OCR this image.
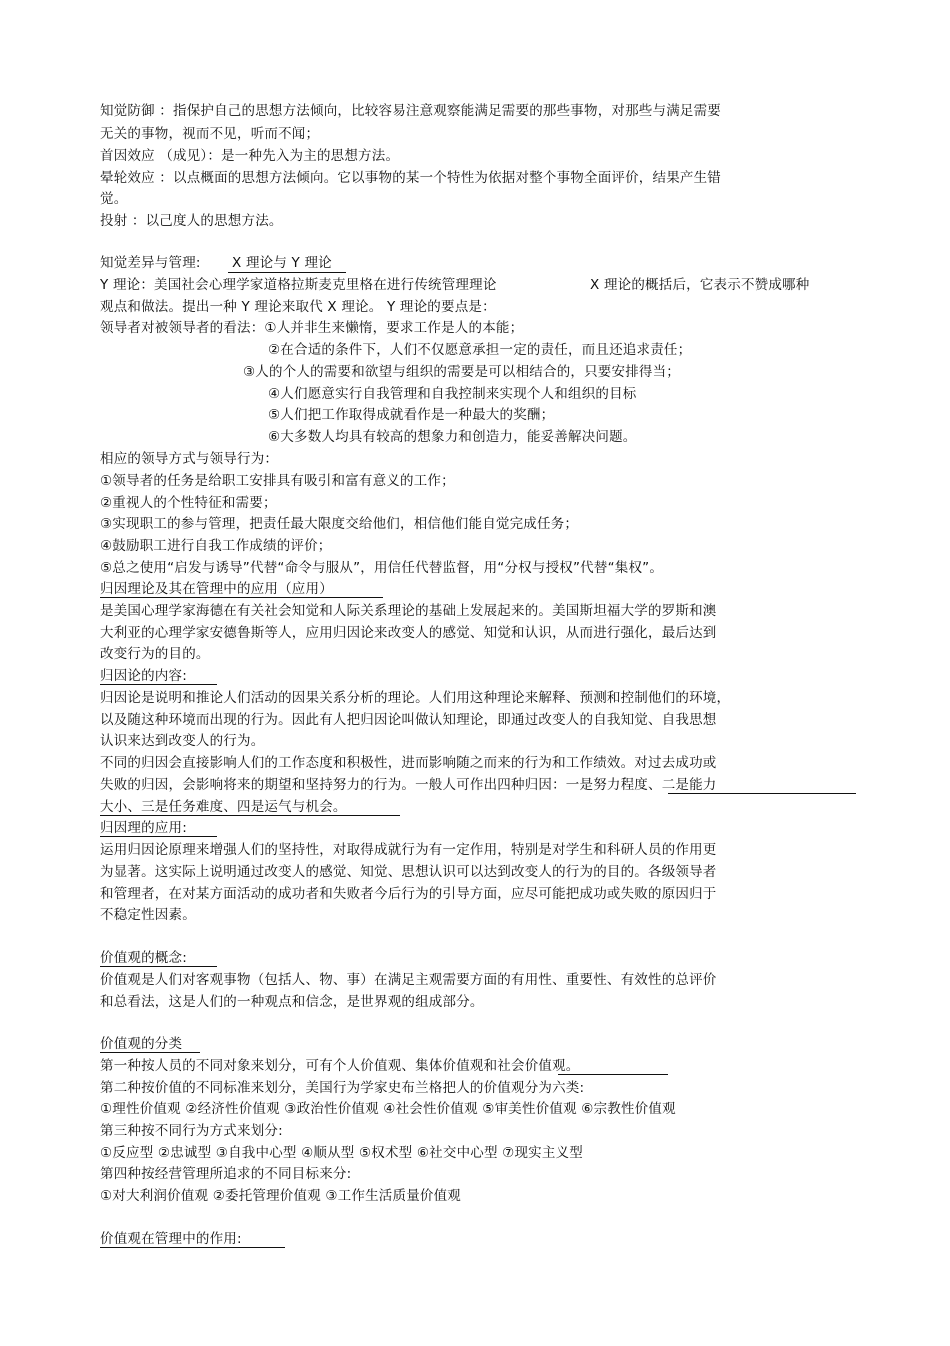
知觉防御 ：指保护自己的思想方法倾向，比较容易注意观察能满足需要的那些事物，对那些与满足需要
无关的事物，视而不见，听而不闻；
首因效应 （成见）：是一种先入为主的思想方法。
晕轮效应 ：以点概面的思想方法倾向。它以事物的某一个特性为依据对整个事物全面评价，结果产生错
觉。
投射 ：以己度人的思想方法。
知觉差异与管理: X 理论与 Y 理论
Y 理论：美国社会心理学家道格拉斯麦克里格在进行传统管理理论	X 理论的概括后，它表示不赞成哪种
观点和做法。提出一种 Y 理论来取代 X 理论。 Y 理论的要点是：
领导者对被领导者的看法：①人并非生来懒惰，要求工作是人的本能；
②在合适的条件下，人们不仅愿意承担一定的责任，而且还追求责任；
③人的个人的需要和欲望与组织的需要是可以相结合的，只要安排得当；
④人们愿意实行自我管理和自我控制来实现个人和组织的目标
⑤人们把工作取得成就看作是一种最大的奖酬；
⑥大多数人均具有较高的想象力和创造力，能妥善解决问题。
相应的领导方式与领导行为：
①领导者的任务是给职工安排具有吸引和富有意义的工作；
②重视人的个性特征和需要；
③实现职工的参与管理，把责任最大限度交给他们，相信他们能自觉完成任务；
④鼓励职工进行自我工作成绩的评价；
⑤总之使用“启发与诱导”代替“命令与服从”，用信任代替监督，用“分权与授权”代替“集权”。
归因理论及其在管理中的应用（应用）
是美国心理学家海德在有关社会知觉和人际关系理论的基础上发展起来的。美国斯坦福大学的罗斯和澳
大利亚的心理学家安德鲁斯等人，应用归因论来改变人的感觉、知觉和认识，从而进行强化，最后达到
改变行为的目的。
归因论的内容:
归因论是说明和推论人们活动的因果关系分析的理论。人们用这种理论来解释、预测和控制他们的环境，
以及随这种环境而出现的行为。因此有人把归因论叫做认知理论，即通过改变人的自我知觉、自我思想
认识来达到改变人的行为。
不同的归因会直接影响人们的工作态度和积极性，进而影响随之而来的行为和工作绩效。对过去成功或
失败的归因，会影响将来的期望和坚持努力的行为。一般人可作出四种归因：一是努力程度、二是能力
大小、三是任务难度、四是运气与机会。
归因理的应用:
运用归因论原理来增强人们的坚持性，对取得成就行为有一定作用，特别是对学生和科研人员的作用更
为显著。这实际上说明通过改变人的感觉、知觉、思想认识可以达到改变人的行为的目的。各级领导者
和管理者，在对某方面活动的成功者和失败者今后行为的引导方面，应尽可能把成功或失败的原因归于
不稳定性因素。
价值观的概念:
价值观是人们对客观事物（包括人、物、事）在满足主观需要方面的有用性、重要性、有效性的总评价
和总看法，这是人们的一种观点和信念，是世界观的组成部分。
价值观的分类
第一种按人员的不同对象来划分，可有个人价值观、集体价值观和社会价值观。
第二种按价值的不同标准来划分，美国行为学家史布兰格把人的价值观分为六类:
①理性价值观 ②经济性价值观 ③政治性价值观 ④社会性价值观 ⑤审美性价值观 ⑥宗教性价值观
第三种按不同行为方式来划分:
①反应型 ②忠诚型 ③自我中心型 ④顺从型 ⑤权术型 ⑥社交中心型 ⑦现实主义型
第四种按经营管理所追求的不同目标来分:
①对大利润价值观 ②委托管理价值观 ③工作生活质量价值观
价值观在管理中的作用:
